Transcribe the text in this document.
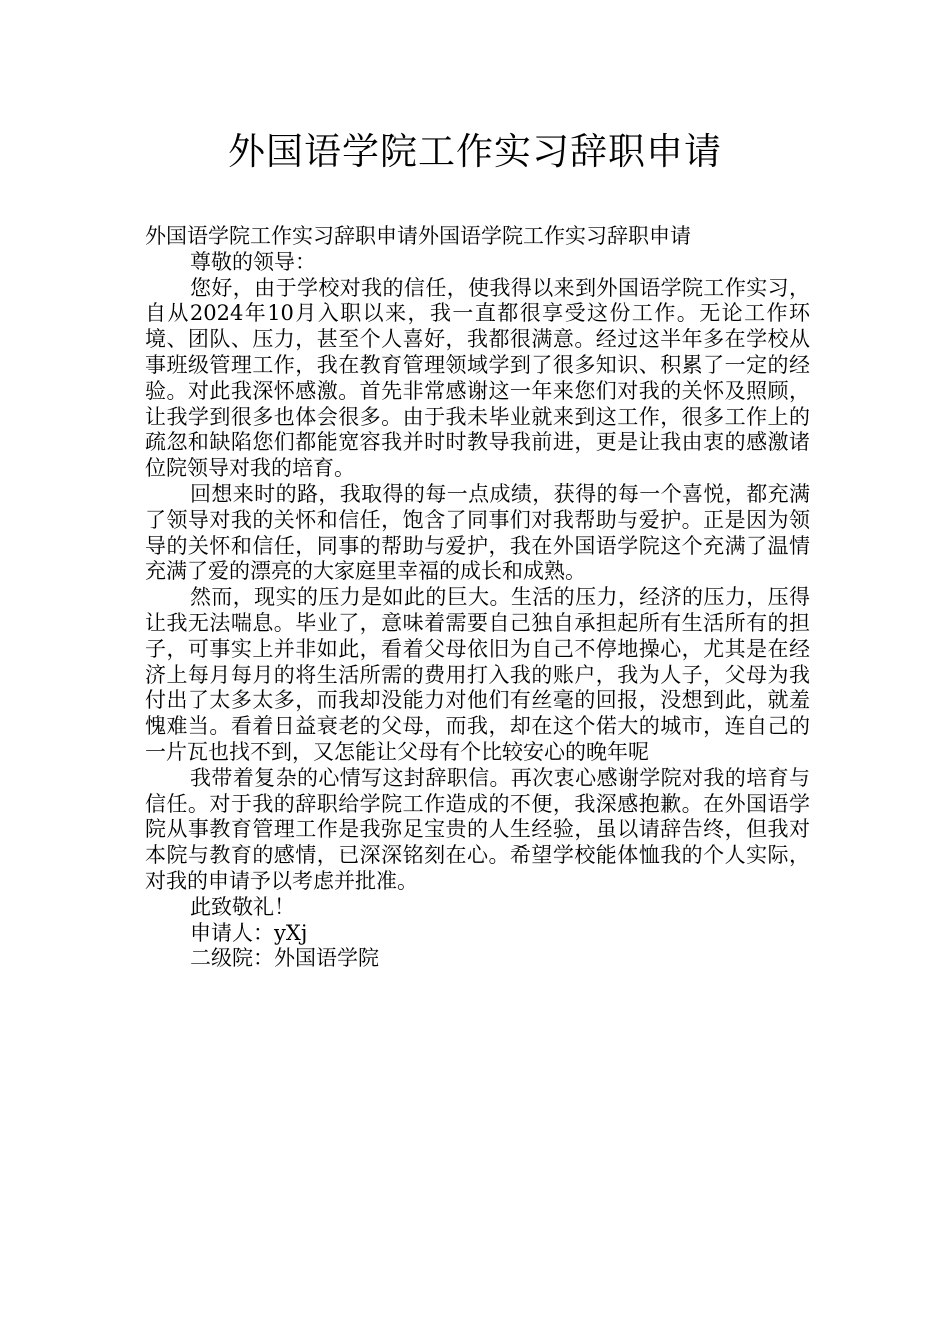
外国语学院工作实习辞职申请

外国语学院工作实习辞职申请外国语学院工作实习辞职申请

尊敬的领导：

您好，由于学校对我的信任，使我得以来到外国语学院工作实习，自从2024年10月入职以来，我一直都很享受这份工作。无论工作环境、团队、压力，甚至个人喜好，我都很满意。经过这半年多在学校从事班级管理工作，我在教育管理领域学到了很多知识、积累了一定的经验。对此我深怀感激。首先非常感谢这一年来您们对我的关怀及照顾，让我学到很多也体会很多。由于我未毕业就来到这工作，很多工作上的疏忽和缺陷您们都能宽容我并时时教导我前进，更是让我由衷的感激诸位院领导对我的培育。

回想来时的路，我取得的每一点成绩，获得的每一个喜悦，都充满了领导对我的关怀和信任，饱含了同事们对我帮助与爱护。正是因为领导的关怀和信任，同事的帮助与爱护，我在外国语学院这个充满了温情充满了爱的漂亮的大家庭里幸福的成长和成熟。

然而，现实的压力是如此的巨大。生活的压力，经济的压力，压得让我无法喘息。毕业了，意味着需要自己独自承担起所有生活所有的担子，可事实上并非如此，看着父母依旧为自己不停地操心，尤其是在经济上每月每月的将生活所需的费用打入我的账户，我为人子，父母为我付出了太多太多，而我却没能力对他们有丝毫的回报，没想到此，就羞愧难当。看着日益衰老的父母，而我，却在这个偌大的城市，连自己的一片瓦也找不到，又怎能让父母有个比较安心的晚年呢

我带着复杂的心情写这封辞职信。再次衷心感谢学院对我的培育与信任。对于我的辞职给学院工作造成的不便，我深感抱歉。在外国语学院从事教育管理工作是我弥足宝贵的人生经验，虽以请辞告终，但我对本院与教育的感情，已深深铭刻在心。希望学校能体恤我的个人实际，对我的申请予以考虑并批准。

此致敬礼！

申请人：yXj

二级院：外国语学院
